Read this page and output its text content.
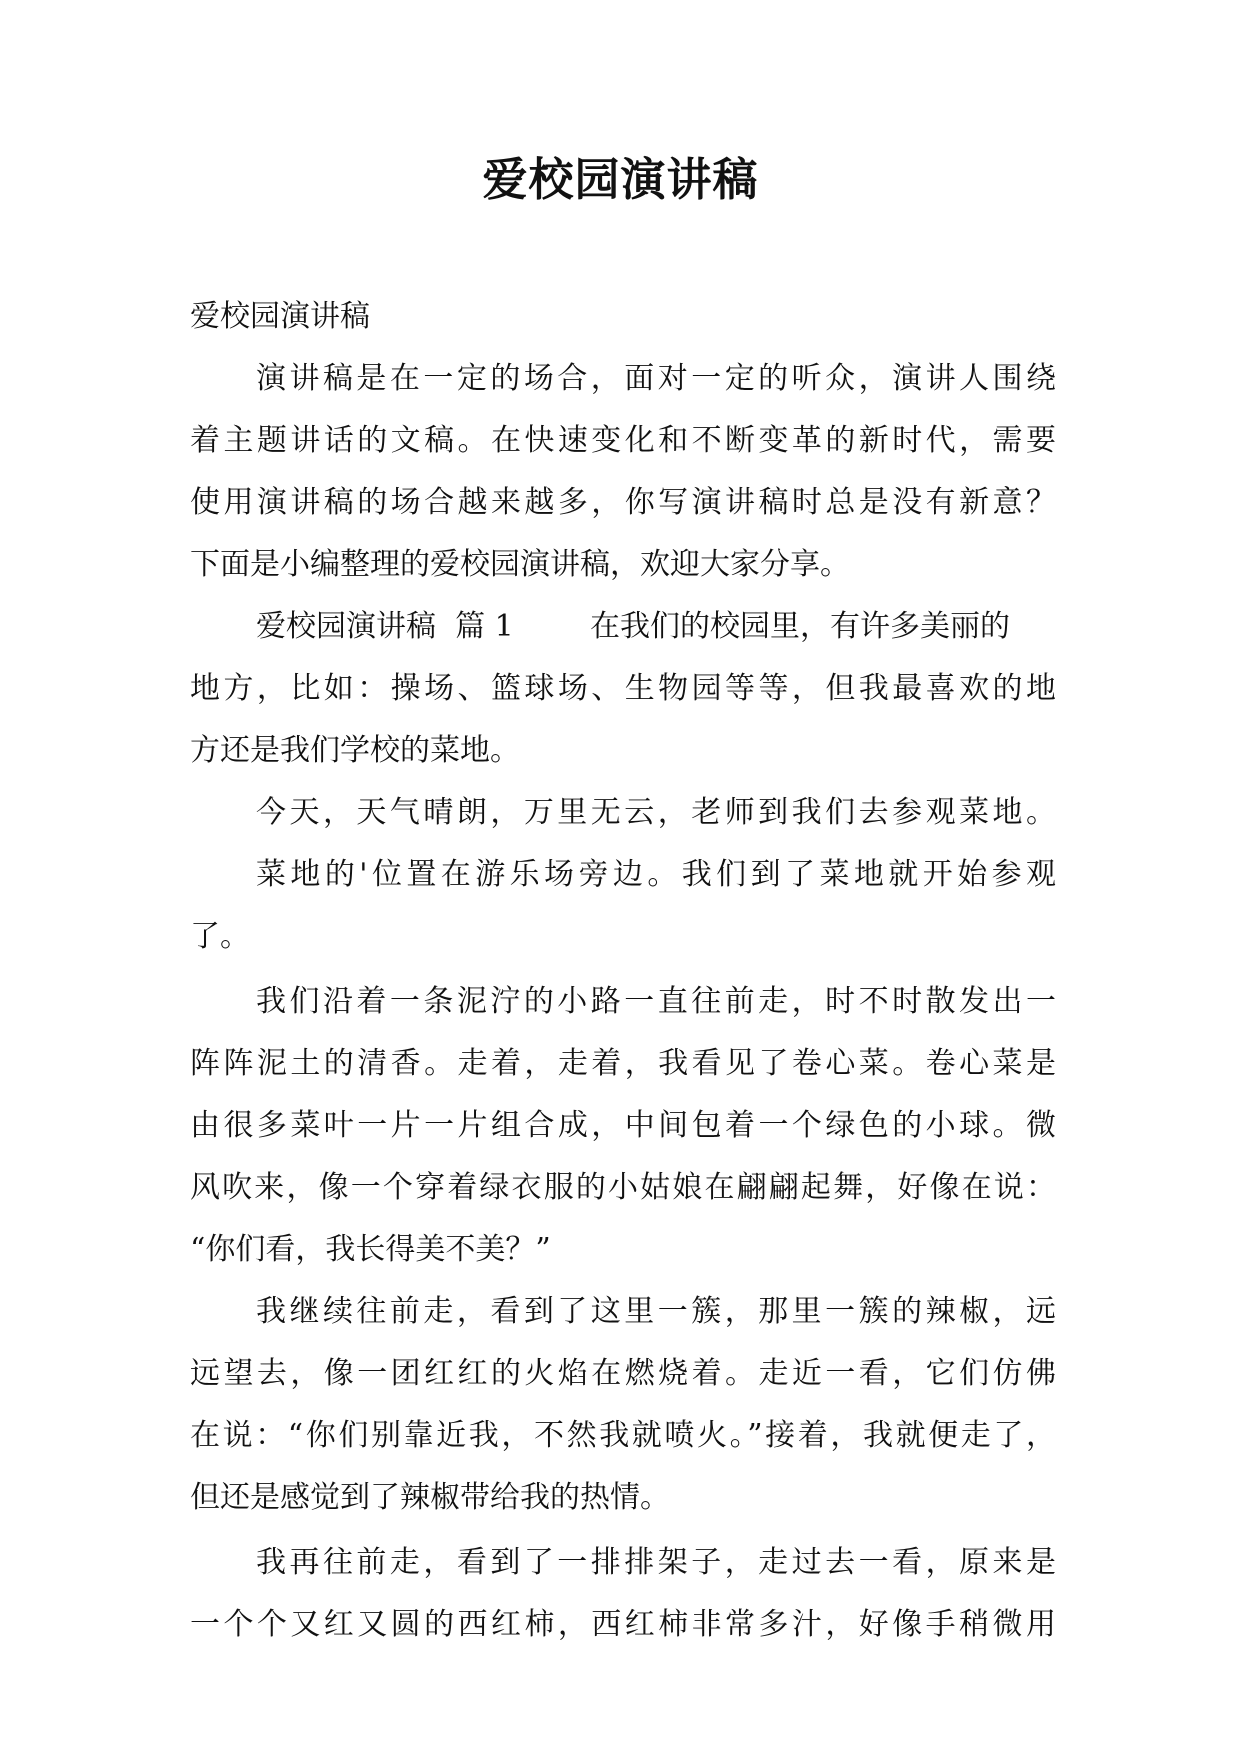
爱校园演讲稿
爱校园演讲稿
演讲稿是在一定的场合，面对一定的听众，演讲人围绕
着主题讲话的文稿。在快速变化和不断变革的新时代，需要
使用演讲稿的场合越来越多，你写演讲稿时总是没有新意？
下面是小编整理的爱校园演讲稿，欢迎大家分享。
爱校园演讲稿  篇 1        在我们的校园里，有许多美丽的
地方，比如：操场、篮球场、生物园等等，但我最喜欢的地
方还是我们学校的菜地。
今天，天气晴朗，万里无云，老师到我们去参观菜地。
菜地的'位置在游乐场旁边。我们到了菜地就开始参观
了。
我们沿着一条泥泞的小路一直往前走，时不时散发出一
阵阵泥土的清香。走着，走着，我看见了卷心菜。卷心菜是
由很多菜叶一片一片组合成，中间包着一个绿色的小球。微
风吹来，像一个穿着绿衣服的小姑娘在翩翩起舞，好像在说：
“你们看，我长得美不美？”
我继续往前走，看到了这里一簇，那里一簇的辣椒，远
远望去，像一团红红的火焰在燃烧着。走近一看，它们仿佛
在说：“你们别靠近我，不然我就喷火。”接着，我就便走了，
但还是感觉到了辣椒带给我的热情。
我再往前走，看到了一排排架子，走过去一看，原来是
一个个又红又圆的西红柿，西红柿非常多汁，好像手稍微用
